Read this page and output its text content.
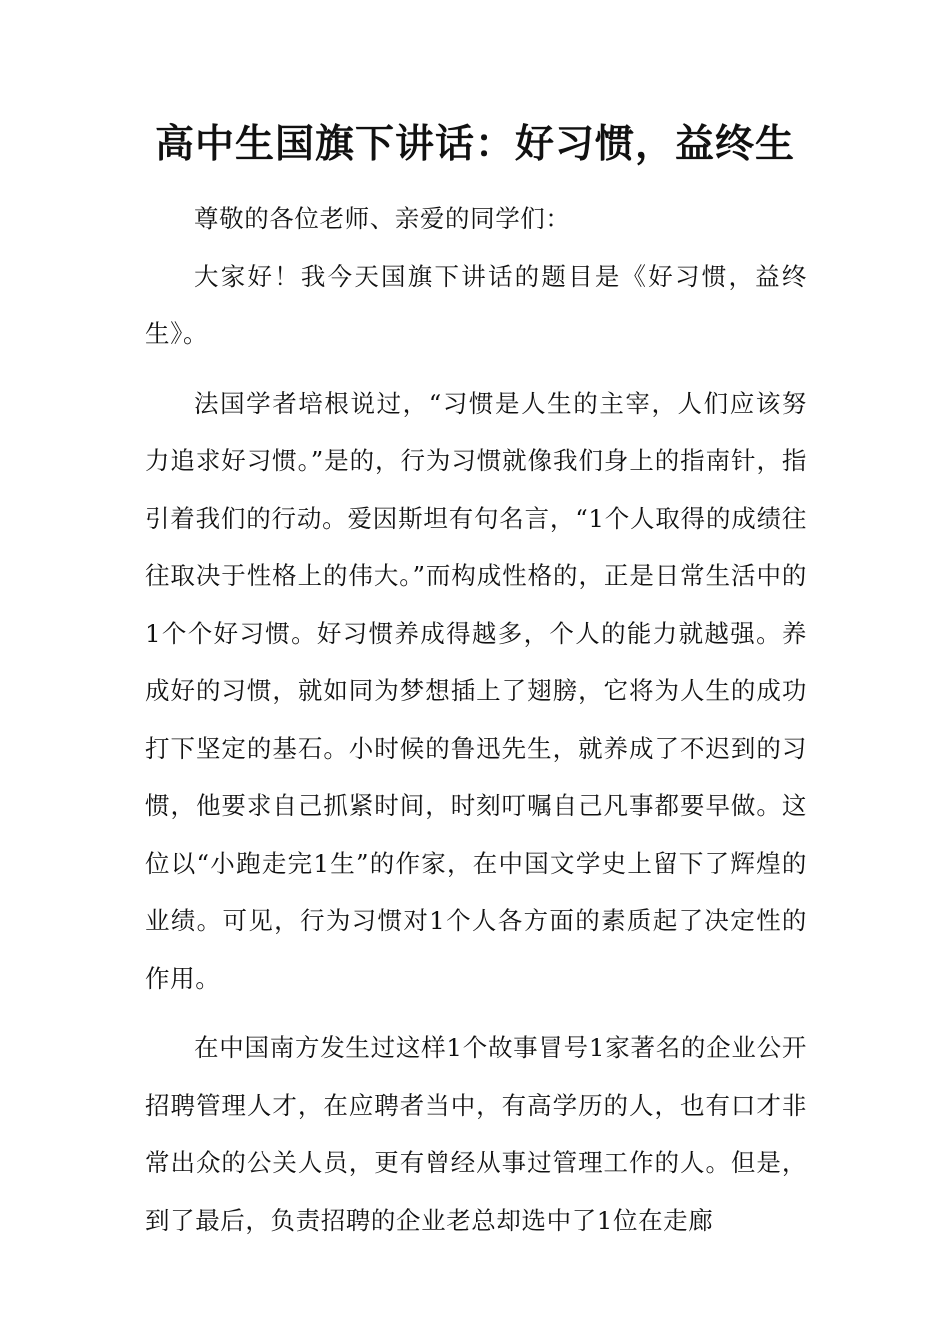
高中生国旗下讲话：好习惯，益终生

尊敬的各位老师、亲爱的同学们：

大家好！我今天国旗下讲话的题目是《好习惯，益终生》。

法国学者培根说过，“习惯是人生的主宰，人们应该努力追求好习惯。”是的，行为习惯就像我们身上的指南针，指引着我们的行动。爱因斯坦有句名言，“1个人取得的成绩往往取决于性格上的伟大。”而构成性格的，正是日常生活中的1个个好习惯。好习惯养成得越多，个人的能力就越强。养成好的习惯，就如同为梦想插上了翅膀，它将为人生的成功打下坚定的基石。小时候的鲁迅先生，就养成了不迟到的习惯，他要求自己抓紧时间，时刻叮嘱自己凡事都要早做。这位以“小跑走完1生”的作家，在中国文学史上留下了辉煌的业绩。可见，行为习惯对1个人各方面的素质起了决定性的作用。

在中国南方发生过这样1个故事冒号1家著名的企业公开招聘管理人才，在应聘者当中，有高学历的人，也有口才非常出众的公关人员，更有曾经从事过管理工作的人。但是，到了最后，负责招聘的企业老总却选中了1位在走廊
